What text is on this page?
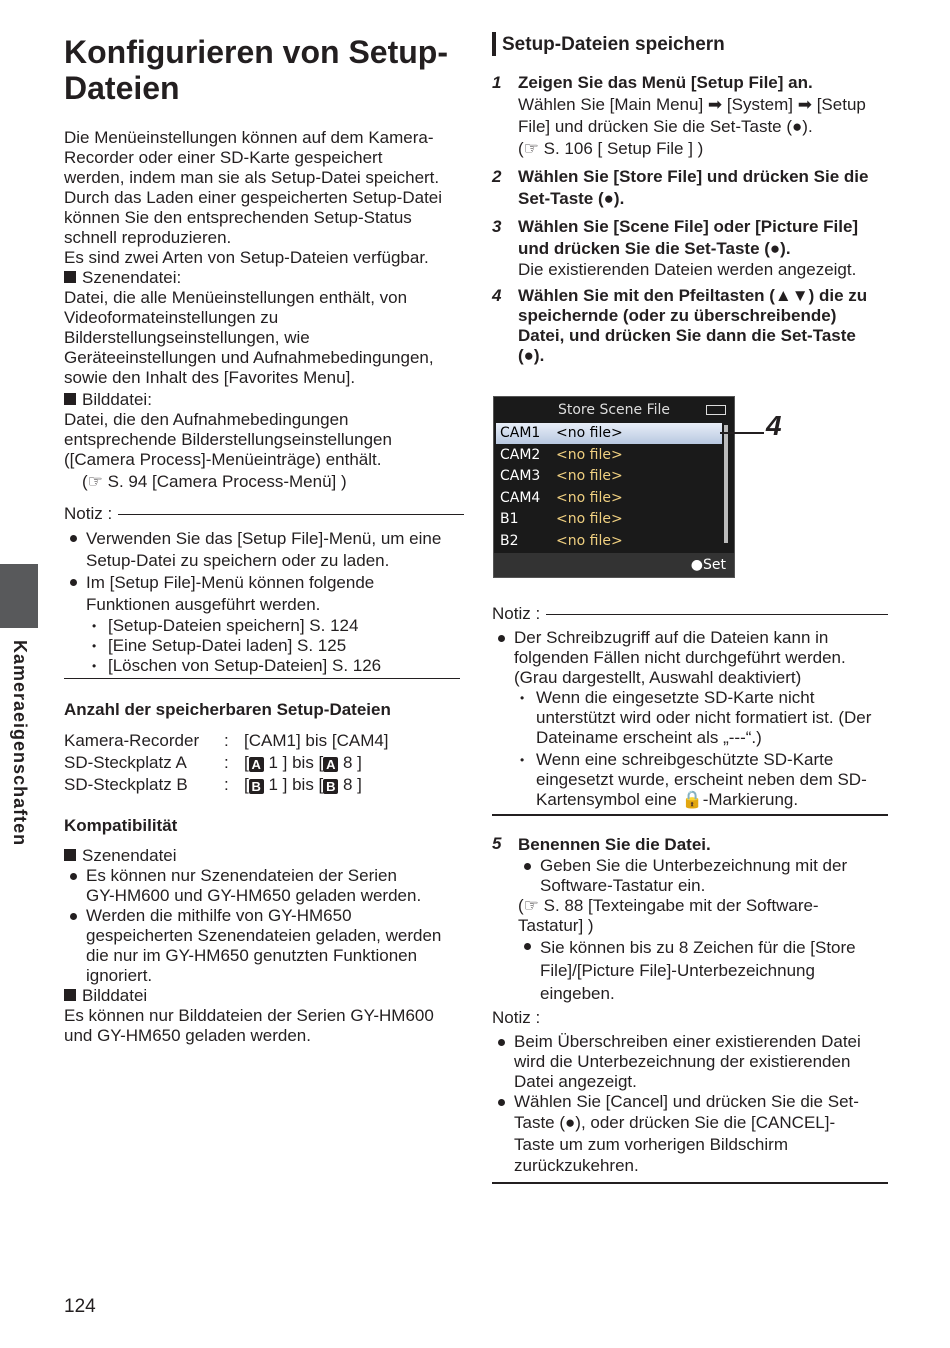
Kameraeigenschaften
Konfigurieren von Setup-Dateien

Die Menüeinstellungen können auf dem Kamera-

Recorder oder einer SD-Karte gespeichert

werden, indem man sie als Setup-Datei speichert.

Durch das Laden einer gespeicherten Setup-Datei

können Sie den entsprechenden Setup-Status

schnell reproduzieren.

Es sind zwei Arten von Setup-Dateien verfügbar.

Szenendatei:

Datei, die alle Menüeinstellungen enthält, von

Videoformateinstellungen zu

Bilderstellungseinstellungen, wie

Geräteeinstellungen und Aufnahmebedingungen,

sowie den Inhalt des [Favorites Menu].

Bilddatei:

Datei, die den Aufnahmebedingungen

entsprechende Bilderstellungseinstellungen

([Camera Process]-Menüeinträge) enthält.

(☞ S. 94 [Camera Process-Menü] )

Notiz :

Verwenden Sie das [Setup File]-Menü, um eine

Setup-Datei zu speichern oder zu laden.

Im [Setup File]-Menü können folgende

Funktionen ausgeführt werden.

• [Setup-Dateien speichern] S. 124

• [Eine Setup-Datei laden] S. 125

• [Löschen von Setup-Dateien] S. 126

Anzahl der speicherbaren Setup-Dateien
Kamera-Recorder	: [CAM1] bis [CAM4]
SD-Steckplatz A	: [ A 1 ] bis [ A 8 ]
SD-Steckplatz B	: [ B 1 ] bis [ B 8 ]
Kompatibilität

Szenendatei

Es können nur Szenendateien der Serien

GY-HM600 und GY-HM650 geladen werden.

Werden die mithilfe von GY-HM650

gespeicherten Szenendateien geladen, werden

die nur im GY-HM650 genutzten Funktionen

ignoriert.

Bilddatei

Es können nur Bilddateien der Serien GY-HM600

und GY-HM650 geladen werden.

124
Setup-Dateien speichern
1 Zeigen Sie das Menü [Setup File] an.

Wählen Sie [Main Menu] ➡ [System] ➡ [Setup

File] und drücken Sie die Set-Taste (●).

(☞ S. 106 [ Setup File ] )

2 Wählen Sie [Store File] und drücken Sie die

Set-Taste (●).

3 Wählen Sie [Scene File] oder [Picture File]

und drücken Sie die Set-Taste (●).

Die existierenden Dateien werden angezeigt.

4 Wählen Sie mit den Pfeiltasten (▲▼) die zu

speichernde (oder zu überschreibende)

Datei, und drücken Sie dann die Set-Taste

(●).

Store Scene File
CAM1 <no file>
CAM2 <no file>
CAM3 <no file>
CAM4 <no file>
B1	<no file>
B2	<no file>
●Set
4
Notiz :

Der Schreibzugriff auf die Dateien kann in

folgenden Fällen nicht durchgeführt werden.

(Grau dargestellt, Auswahl deaktiviert)

• Wenn die eingesetzte SD-Karte nicht

unterstützt wird oder nicht formatiert ist. (Der

Dateiname erscheint als „---“.)

• Wenn eine schreibgeschützte SD-Karte

eingesetzt wurde, erscheint neben dem SD-

Kartensymbol eine 🔒-Markierung.

5 Benennen Sie die Datei.

Geben Sie die Unterbezeichnung mit der

Software-Tastatur ein.

(☞ S. 88 [Texteingabe mit der Software-

Tastatur] )

Sie können bis zu 8 Zeichen für die [Store

File]/[Picture File]-Unterbezeichnung

eingeben.

Notiz :

Beim Überschreiben einer existierenden Datei

wird die Unterbezeichnung der existierenden

Datei angezeigt.

Wählen Sie [Cancel] und drücken Sie die Set-

Taste (●), oder drücken Sie die [CANCEL]-

Taste um zum vorherigen Bildschirm

zurückzukehren.
